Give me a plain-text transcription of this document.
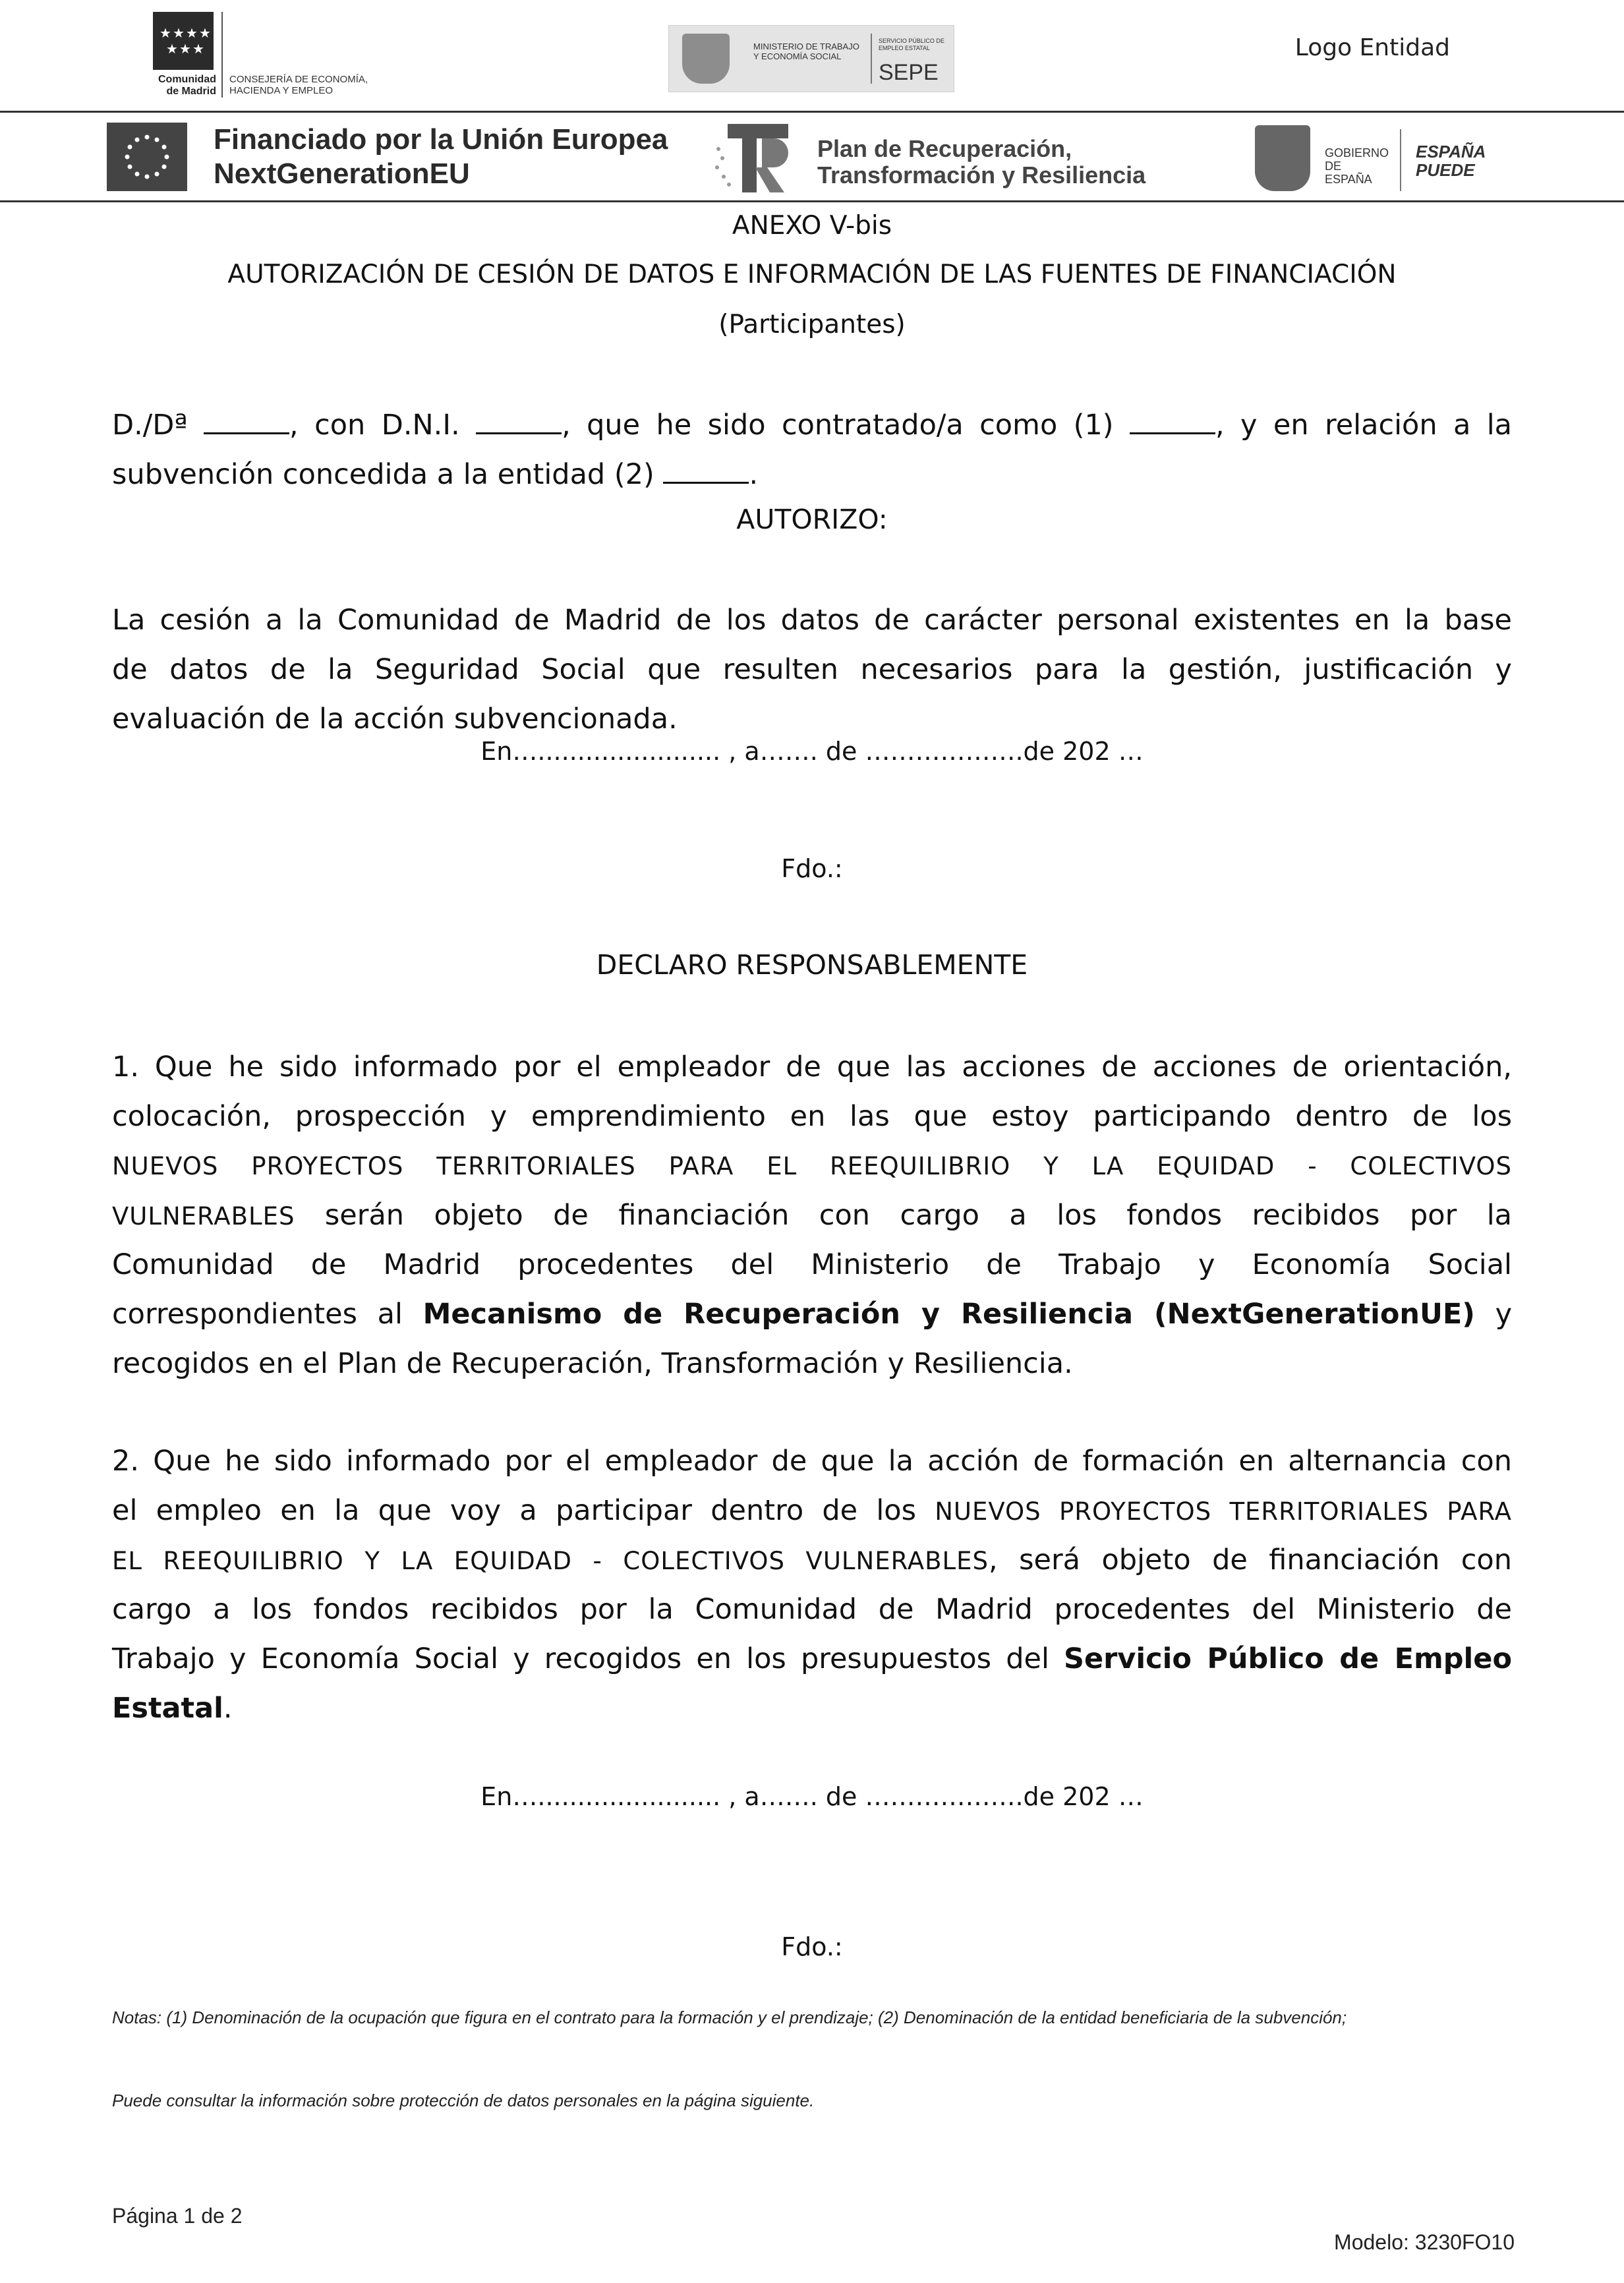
★ ★ ★ ★
★ ★ ★
Comunidad de Madrid
CONSEJERÍA DE ECONOMÍA, HACIENDA Y EMPLEO
MINISTERIO DE TRABAJO Y ECONOMÍA SOCIAL
SERVICIO PÚBLICO DE EMPLEO ESTATAL
SEPE
Logo Entidad
Financiado por la Unión Europea
NextGenerationEU
Plan de Recuperación,
Transformación y Resiliencia
GOBIERNO DE ESPAÑA
ESPAÑA PUEDE
ANEXO V-bis
AUTORIZACIÓN DE CESIÓN DE DATOS E INFORMACIÓN DE LAS FUENTES DE FINANCIACIÓN
(Participantes)
D./Dª	, con D.N.I.	, que he sido contratado/a como (1)	, y en relación a la
subvención concedida a la entidad (2)	.
AUTORIZO:
La cesión a la Comunidad de Madrid de los datos de carácter personal existentes en la base
de datos de la Seguridad Social que resulten necesarios para la gestión, justificación y
evaluación de la acción subvencionada.
En…....................... , a……. de ……………….de 202 …
Fdo.:
DECLARO RESPONSABLEMENTE
1. Que he sido informado por el empleador de que las acciones de acciones de orientación,
colocación, prospección y emprendimiento en las que estoy participando dentro de los
NUEVOS PROYECTOS TERRITORIALES PARA EL REEQUILIBRIO Y LA EQUIDAD - COLECTIVOS
VULNERABLES serán objeto de financiación con cargo a los fondos recibidos por la
Comunidad de Madrid procedentes del Ministerio de Trabajo y Economía Social
correspondientes al Mecanismo de Recuperación y Resiliencia (NextGenerationUE) y
recogidos en el Plan de Recuperación, Transformación y Resiliencia.
2. Que he sido informado por el empleador de que la acción de formación en alternancia con
el empleo en la que voy a participar dentro de los NUEVOS PROYECTOS TERRITORIALES PARA
EL REEQUILIBRIO Y LA EQUIDAD - COLECTIVOS VULNERABLES, será objeto de financiación con
cargo a los fondos recibidos por la Comunidad de Madrid procedentes del Ministerio de
Trabajo y Economía Social y recogidos en los presupuestos del Servicio Público de Empleo
Estatal.
En…....................... , a……. de ……………….de 202 …
Fdo.:
Notas: (1) Denominación de la ocupación que figura en el contrato para la formación y el prendizaje; (2) Denominación de la entidad beneficiaria de la subvención;
Puede consultar la información sobre protección de datos personales en la página siguiente.
Página 1 de 2
Modelo: 3230FO10
